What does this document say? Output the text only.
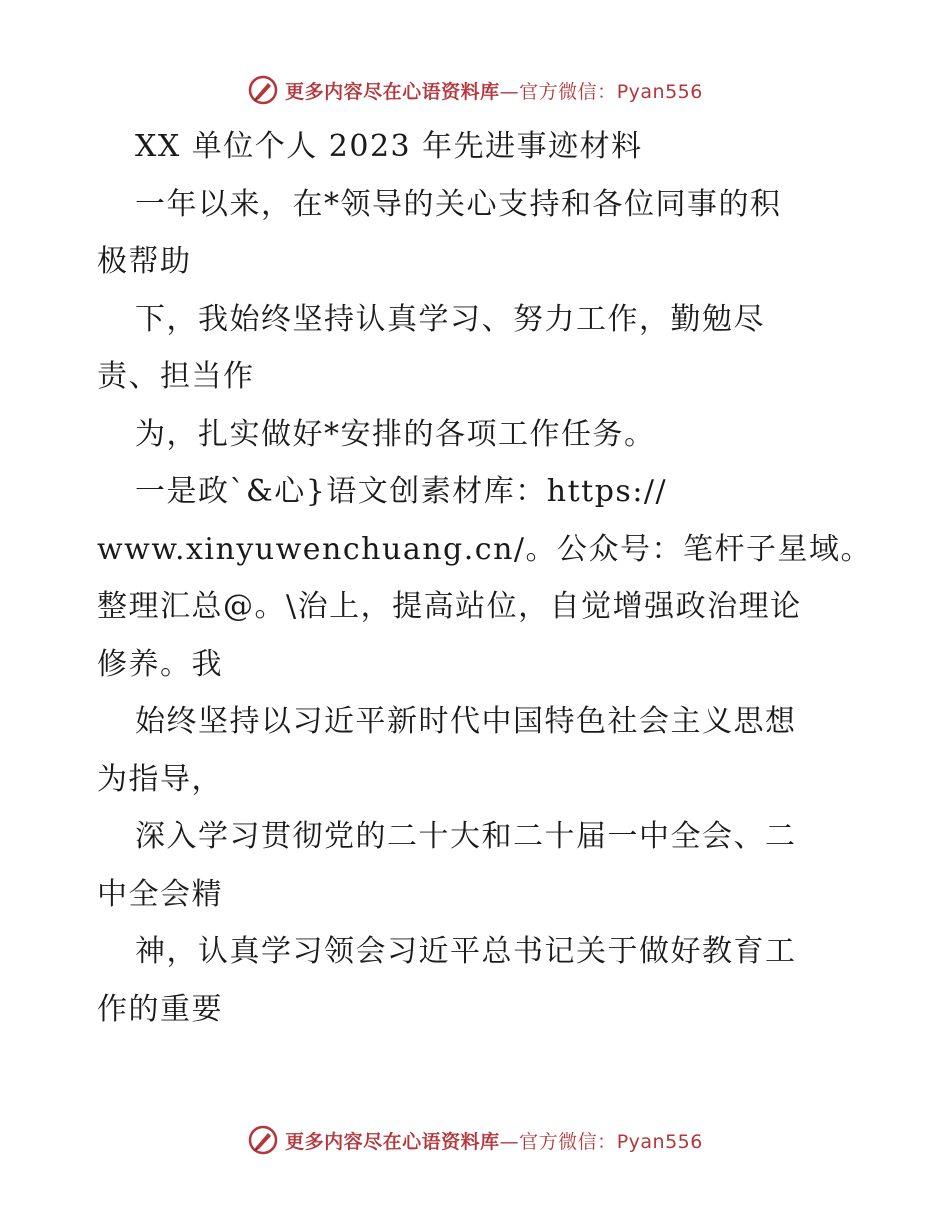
更多内容尽在心语资料库—官方微信：Pyan556
XX 单位个人 2023 年先进事迹材料
一年以来，在*领导的关心支持和各位同事的积
极帮助
下，我始终坚持认真学习、努力工作，勤勉尽
责、担当作
为，扎实做好*安排的各项工作任务。
一是政`&心}语文创素材库：https://
www.xinyuwenchuang.cn/。公众号：笔杆子星域。
整理汇总@。\治上，提高站位，自觉增强政治理论
修养。我
始终坚持以习近平新时代中国特色社会主义思想
为指导，
深入学习贯彻党的二十大和二十届一中全会、二
中全会精
神，认真学习领会习近平总书记关于做好教育工
作的重要
更多内容尽在心语资料库—官方微信：Pyan556
